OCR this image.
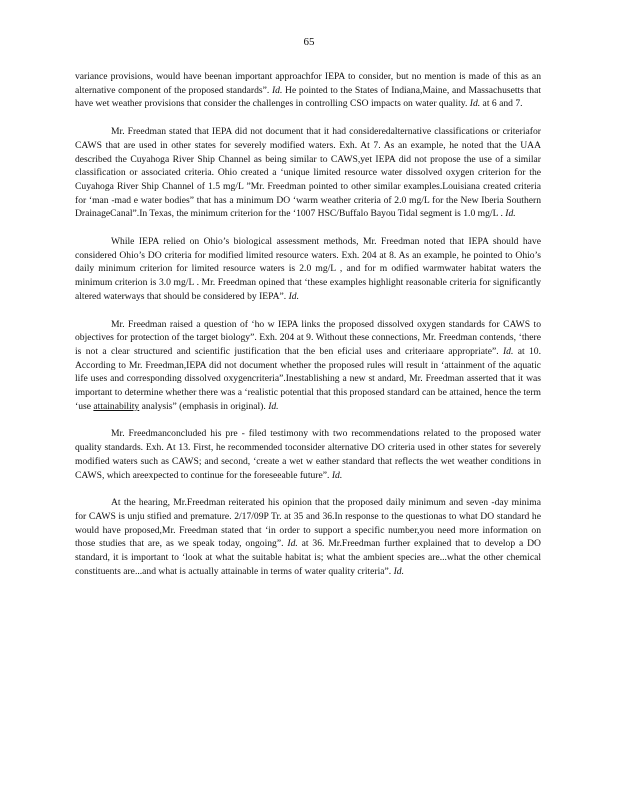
65

variance provisions, would have beenan important approachfor IEPA to consider, but no mention is made of this as an alternative component of the proposed standards”. Id. He pointed to the States of Indiana,Maine, and Massachusetts that have wet weather provisions that consider the challenges in controlling CSO impacts on water quality. Id. at 6 and 7.

Mr. Freedman stated that IEPA did not document that it had consideredalternative classifications or criteriafor CAWS that are used in other states for severely modified waters. Exh. At 7. As an example, he noted that the UAA described the Cuyahoga River Ship Channel as being similar to CAWS,yet IEPA did not propose the use of a similar classification or associated criteria. Ohio created a ‘unique limited resource water dissolved oxygen criterion for the Cuyahoga River Ship Channel of 1.5 mg/L ”Mr. Freedman pointed to other similar examples.Louisiana created criteria for ‘man -mad e water bodies” that has a minimum DO ‘warm weather criteria of 2.0 mg/L for the New Iberia Southern DrainageCanal”.In Texas, the minimum criterion for the ‘1007 HSC/Buffalo Bayou Tidal segment is 1.0 mg/L . Id.

While IEPA relied on Ohio’s biological assessment methods, Mr. Freedman noted that IEPA should have considered Ohio’s DO criteria for modified limited resource waters. Exh. 204 at 8. As an example, he pointed to Ohio’s daily minimum criterion for limited resource waters is 2.0 mg/L , and for m odified warmwater habitat waters the minimum criterion is 3.0 mg/L . Mr. Freedman opined that ‘these examples highlight reasonable criteria for significantly altered waterways that should be considered by IEPA”. Id.

Mr. Freedman raised a question of ‘ho w IEPA links the proposed dissolved oxygen standards for CAWS to objectives for protection of the target biology”. Exh. 204 at 9. Without these connections, Mr. Freedman contends, ‘there is not a clear structured and scientific justification that the ben eficial uses and criteriaare appropriate”. Id. at 10. According to Mr. Freedman,IEPA did not document whether the proposed rules will result in ‘attainment of the aquatic life uses and corresponding dissolved oxygencriteria”.Inestablishing a new st andard, Mr. Freedman asserted that it was important to determine whether there was a ‘realistic potential that this proposed standard can be attained, hence the term ‘use attainability analysis” (emphasis in original). Id.

Mr. Freedmanconcluded his pre - filed testimony with two recommendations related to the proposed water quality standards. Exh. At 13. First, he recommended toconsider alternative DO criteria used in other states for severely modified waters such as CAWS; and second, ‘create a wet w eather standard that reflects the wet weather conditions in CAWS, which areexpected to continue for the foreseeable future”. Id.

At the hearing, Mr.Freedman reiterated his opinion that the proposed daily minimum and seven -day minima for CAWS is unju stified and premature. 2/17/09P Tr. at 35 and 36.In response to the questionas to what DO standard he would have proposed,Mr. Freedman stated that ‘in order to support a specific number,you need more information on those studies that are, as we speak today, ongoing”. Id. at 36. Mr.Freedman further explained that to develop a DO standard, it is important to ‘look at what the suitable habitat is; what the ambient species are...what the other chemical constituents are...and what is actually attainable in terms of water quality criteria”. Id.
